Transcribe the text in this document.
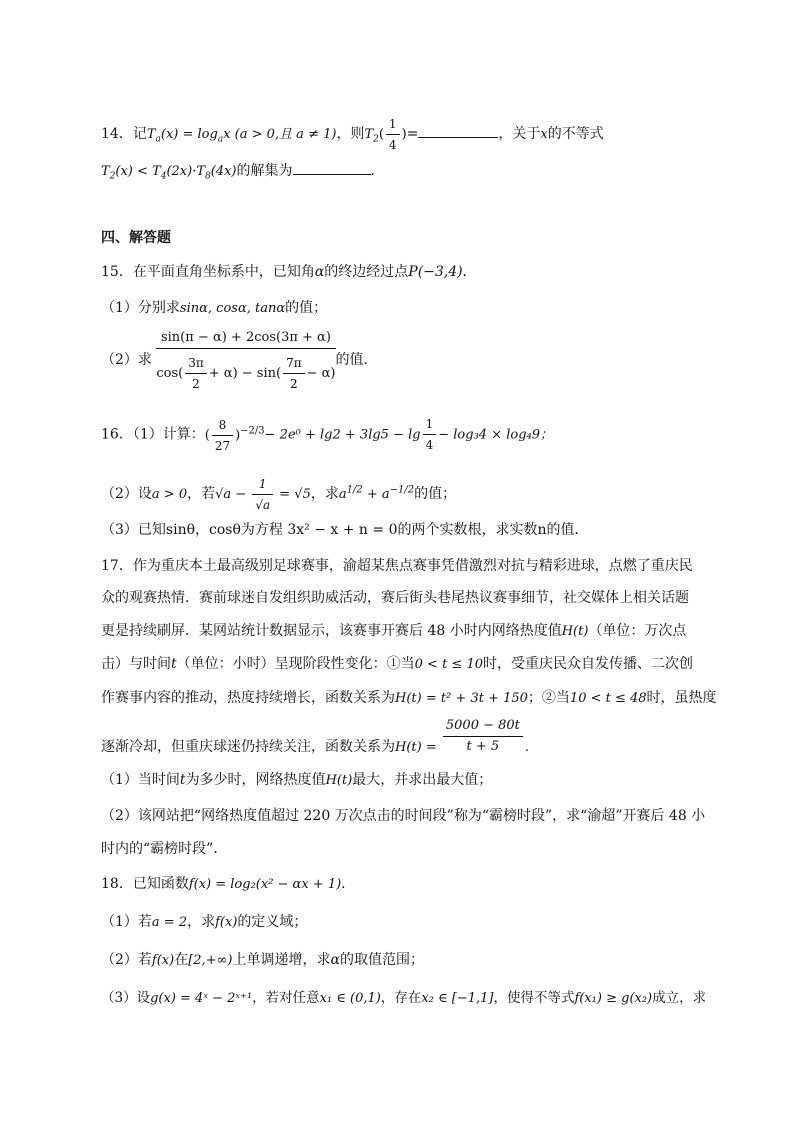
14．记$T_a(x) = \log_ax$ (a > 0,且 a ≠ 1)，则$T_2( \frac{1}{4}$ )=	，关于x的不等式
$T_2(x) < T_4(2x)\cdot T_8(4x)$的解集为	．
四、解答题
15．在平面直角坐标系中，已知角α的终边经过点P(−3,4)．
（1）分别求sinα, cosα, tanα的值；
（2）求 $\frac{\sin(\pi - \alpha) + 2\cos(3\pi + \alpha)}{\cos( \frac{3\pi}{2} + \alpha) - \sin( \frac{7\pi}{2} - \alpha)}$ 的值．
16．（1）计算：( $\frac{8}{27} )^{-2/3}- 2e^0 + \lg 2 + 3\lg 5 - \lg \frac{1}{4} - \log_34 \times \log_49$；
（2）设a > 0，若$√a - \frac{1}{√a} = √5$，求$a^{1/2} + a^{-1/2}$的值；
（3）已知sinθ，cosθ为方程 3x² − x + n = 0的两个实数根，求实数n的值．
17．作为重庆本土最高级别足球赛事，渝超某焦点赛事凭借激烈对抗与精彩进球，点燃了重庆民
众的观赛热情．赛前球迷自发组织助威活动，赛后街头巷尾热议赛事细节，社交媒体上相关话题
更是持续刷屏．某网站统计数据显示，该赛事开赛后 48 小时内网络热度值H(t)（单位：万次点
击）与时间t（单位：小时）呈现阶段性变化：①当0 < t ≤ 10时，受重庆民众自发传播、二次创
作赛事内容的推动，热度持续增长，函数关系为H(t) = t² + 3t + 150；②当10 < t ≤ 48时，虽热度
逐渐冷却，但重庆球迷仍持续关注，函数关系为$H(t) = \frac{5000 - 80t}{t + 5}$ .
（1）当时间t为多少时，网络热度值H(t)最大，并求出最大值；
（2）该网站把“网络热度值超过 220 万次点击的时间段”称为“霸榜时段”，求“渝超”开赛后 48 小
时内的“霸榜时段”．
18．已知函数f(x) = log₂(x² − αx + 1)．
（1）若a = 2，求f(x)的定义域；
（2）若f(x)在[2,+∞)上单调递增，求α的取值范围；
（3）设g(x) = 4ˣ − 2ˣ⁺¹，若对任意x₁ ∈ (0,1)，存在x₂ ∈ [−1,1]，使得不等式f(x₁) ≥ g(x₂)成立，求
